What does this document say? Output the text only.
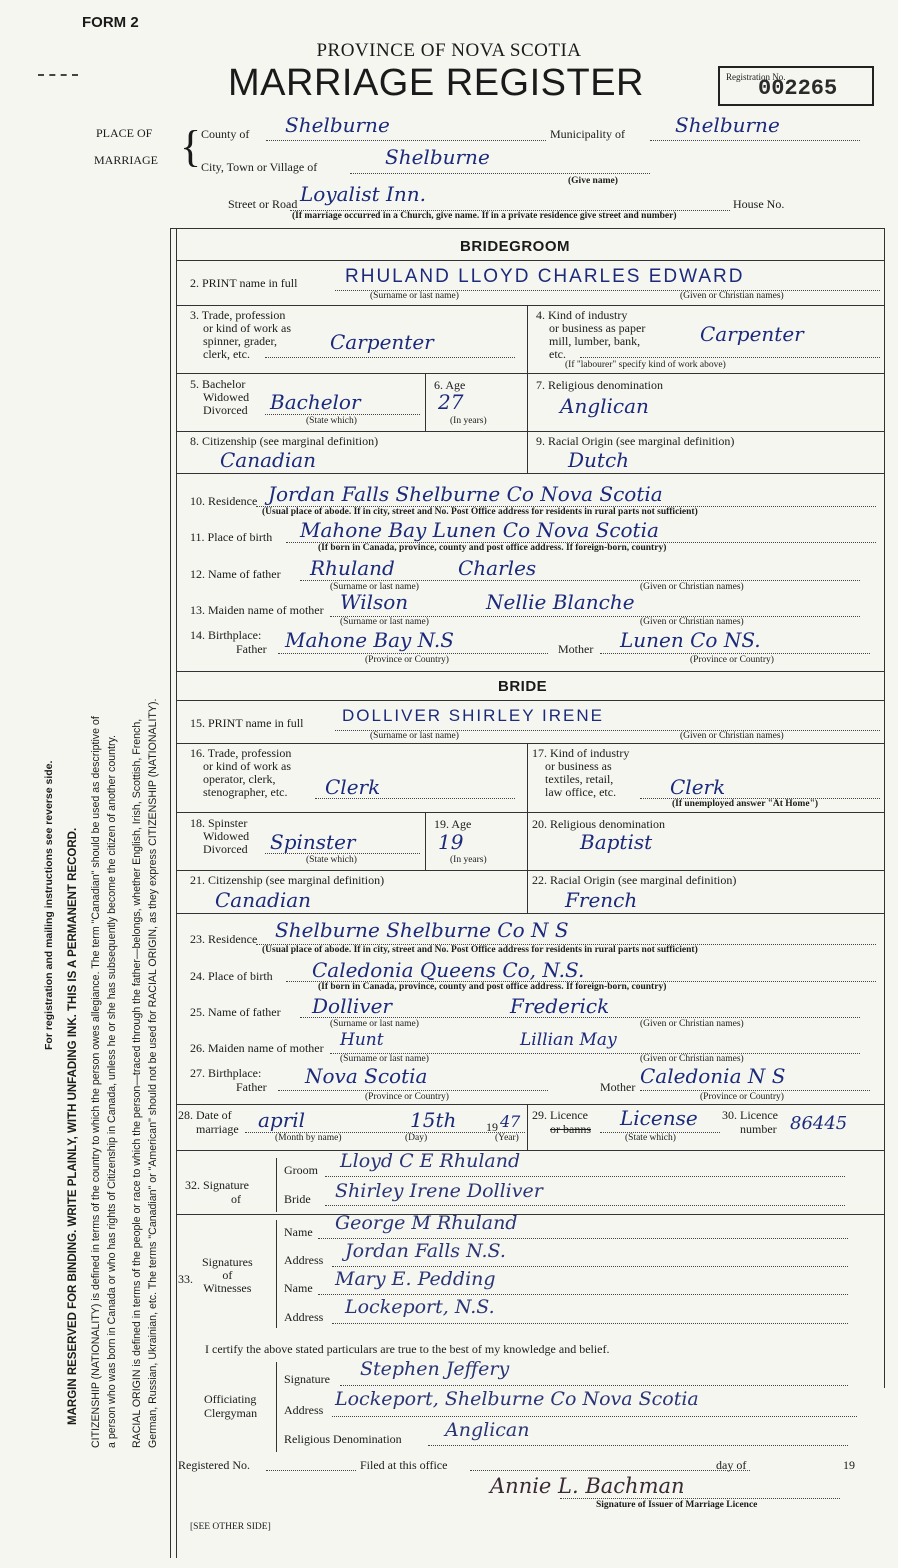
FORM 2
PROVINCE OF NOVA SCOTIA
MARRIAGE REGISTER	Registration No.
002265
PLACE OF
MARRIAGE { County of Shelburne	Municipality of	Shelburne
City, Town or Village of	Shelburne
(Give name)
Street or Road Loyalist Inn.	House No.
(If marriage occurred in a Church, give name. If in a private residence give street and number)
For registration and mailing instructions see reverse side. MARGIN RESERVED FOR BINDING. WRITE PLAINLY, WITH UNFADING INK. THIS IS A PERMANENT RECORD. CITIZENSHIP (NATIONALITY) is defined in terms of the country to which the person owes allegiance. The term "Canadian" should be used as descriptive of a person who was born in Canada or who has rights of Citizenship in Canada, unless he or she has subsequently become the citizen of another country. RACIAL ORIGIN is defined in terms of the people or race to which the person—traced through the father—belongs, whether English, Irish, Scottish, French, German, Russian, Ukrainian, etc. The terms "Canadian" or "American" should not be used for RACIAL ORIGIN, as they express CITIZENSHIP (NATIONALITY).
BRIDEGROOM
2. PRINT name in full	RHULAND LLOYD CHARLES EDWARD
(Surname or last name)	(Given or Christian names)
3. Trade, profession
or kind of work as
spinner, grader,
clerk, etc.	Carpenter
4. Kind of industry
or business as paper
mill, lumber, bank,
etc.
Carpenter
(If "labourer" specify kind of work above)
5. Bachelor
Widowed
Divorced Bachelor
(State which)
6. Age
27
(In years)
7. Religious denomination
Anglican
8. Citizenship (see marginal definition)
Canadian
9. Racial Origin (see marginal definition)
Dutch
10. Residence Jordan Falls Shelburne Co Nova Scotia
(Usual place of abode. If in city, street and No. Post Office address for residents in rural parts not sufficient)
11. Place of birth Mahone Bay Lunen Co Nova Scotia
(If born in Canada, province, county and post office address. If foreign-born, country)
12. Name of father Rhuland	Charles
(Surname or last name)	(Given or Christian names)
13. Maiden name of mother Wilson	Nellie Blanche
(Surname or last name)	(Given or Christian names)
14. Birthplace:
Father Mahone Bay N.S
(Province or Country)
Mother Lunen Co NS.
(Province or Country)
BRIDE
15. PRINT name in full DOLLIVER SHIRLEY IRENE
(Surname or last name)	(Given or Christian names)
16. Trade, profession
or kind of work as
operator, clerk,
stenographer, etc. Clerk
17. Kind of industry
or business as
textiles, retail,
law office, etc.	Clerk
(If unemployed answer "At Home")
18. Spinster
Widowed
Divorced Spinster
(State which)
19. Age
19
(In years)
20. Religious denomination
Baptist
21. Citizenship (see marginal definition)
Canadian
22. Racial Origin (see marginal definition)
French
23. Residence Shelburne Shelburne Co N S
(Usual place of abode. If in city, street and No. Post Office address for residents in rural parts not sufficient)
24. Place of birth Caledonia Queens Co, N.S.
(If born in Canada, province, county and post office address. If foreign-born, country)
25. Name of father Dolliver	Frederick
(Surname or last name)	(Given or Christian names)
26. Maiden name of mother Hunt	Lillian May
(Surname or last name)	(Given or Christian names)
27. Birthplace:
Father Nova Scotia
(Province or Country)
Mother Caledonia N S
(Province or Country)
28. Date of
marriage april	15th 19 47
(Month by name)	(Day)	(Year)
29. Licence
or banns License
(State which)
30. Licence
number 86445
32. Signature
of
Groom Lloyd C E Rhuland
Bride Shirley Irene Dolliver
33.
Signatures
of
Witnesses
Name George M Rhuland
Address Jordan Falls N.S.
Name Mary E. Pedding
Address Lockeport, N.S.
I certify the above stated particulars are true to the best of my knowledge and belief.
Officiating
Clergyman
Signature Stephen Jeffery
Address Lockeport, Shelburne Co Nova Scotia
Religious Denomination Anglican
Registered No.	Filed at this office	day of	19
Annie L. Bachman
Signature of Issuer of Marriage Licence
[SEE OTHER SIDE]
